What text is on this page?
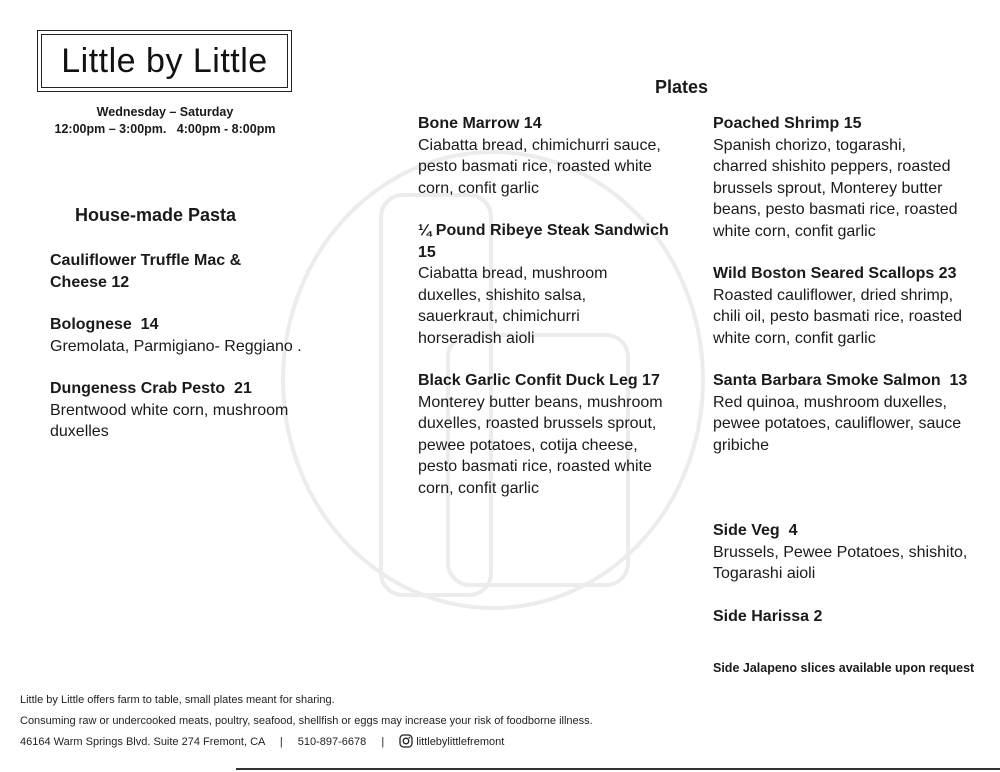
Little by Little
Wednesday – Saturday
12:00pm – 3:00pm.   4:00pm - 8:00pm
House-made Pasta
Cauliflower Truffle Mac & Cheese 12
Bolognese  14
Gremolata, Parmigiano- Reggiano .
Dungeness Crab Pesto  21
Brentwood white corn, mushroom duxelles
Plates
Bone Marrow 14
Ciabatta bread, chimichurri sauce, pesto basmati rice, roasted white corn, confit garlic
¼ Pound Ribeye Steak Sandwich 15
Ciabatta bread, mushroom duxelles, shishito salsa, sauerkraut, chimichurri horseradish aioli
Black Garlic Confit Duck Leg 17
Monterey butter beans, mushroom duxelles, roasted brussels sprout, pewee potatoes, cotija cheese,  pesto basmati rice, roasted white corn, confit garlic
Poached Shrimp 15
Spanish chorizo, togarashi, charred shishito peppers, roasted brussels sprout, Monterey butter beans, pesto basmati rice, roasted white corn, confit garlic
Wild Boston Seared Scallops 23
Roasted cauliflower, dried shrimp, chili oil, pesto basmati rice, roasted white corn, confit garlic
Santa Barbara Smoke Salmon  13
Red quinoa, mushroom duxelles, pewee potatoes, cauliflower, sauce gribiche
Side Veg  4
Brussels, Pewee Potatoes, shishito, Togarashi aioli
Side Harissa 2
Side Jalapeno slices available upon request
Little by Little offers farm to table, small plates meant for sharing.
Consuming raw or undercooked meats, poultry, seafood, shellfish or eggs may increase your risk of foodborne illness.
46164 Warm Springs Blvd. Suite 274 Fremont, CA | 510-897-6678 |	littlebylittlefremont
